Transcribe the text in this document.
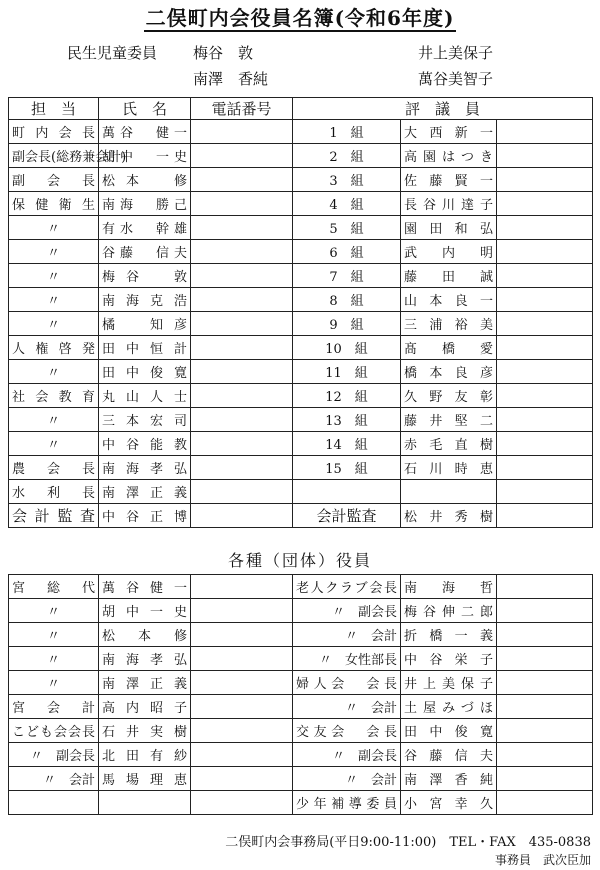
二俣町内会役員名簿(令和6年度)
民生児童委員 梅谷　敦	井上美保子
南澤　香純	萬谷美智子
担　当	氏　名	電話番号	評　議　員		
町内会長	萬谷　健一		1　組	大西新一	
副会長(総務兼会計)	胡中　一史		2　組	高園はつき	
副会長	松本　修		3　組	佐藤賢一	
保健衛生	南海　勝己		4　組	長谷川達子	
〃	有水　幹雄		5　組	園田和弘	
〃	谷藤　信夫		6　組	武内明	
〃	梅谷　敦		7　組	藤田誠	
〃	南海克浩		8　組	山本良一	
〃	橘　知彦		9　組	三浦裕美	
人権啓発	田中恒計		10　組	髙橋愛	
〃	田中俊寛		11　組	橋本良彦	
社会教育	丸山人士		12　組	久野友彰	
〃	三本宏司		13　組	藤井堅二	
〃	中谷能教		14　組	赤毛直樹	
農会長	南海孝弘		15　組	石川時恵	
水利長	南澤正義				
会計監査	中谷正博		会計監査	松井秀樹	
各種（団体）役員
宮総代	萬谷健一		老人クラブ会長	南海哲	
〃	胡中一史		〃　副会長	梅谷伸二郎	
〃	松本修		〃　会計	折橋一義	
〃	南海孝弘		〃　女性部長	中谷栄子	
〃	南澤正義		婦人会　会長	井上美保子	
宮会計	高内昭子		〃　会計	土屋みづほ	
こども会会長	石井実樹		交友会　会長	田中俊寛	
〃　副会長	北田有紗		〃　副会長	谷藤信夫	
〃　会計	馬場理恵		〃　会計	南澤香純	
			少年補導委員	小宮幸久	
二俣町内会事務局(平日9:00-11:00)　TEL・FAX　435-0838
事務員　武次臣加
